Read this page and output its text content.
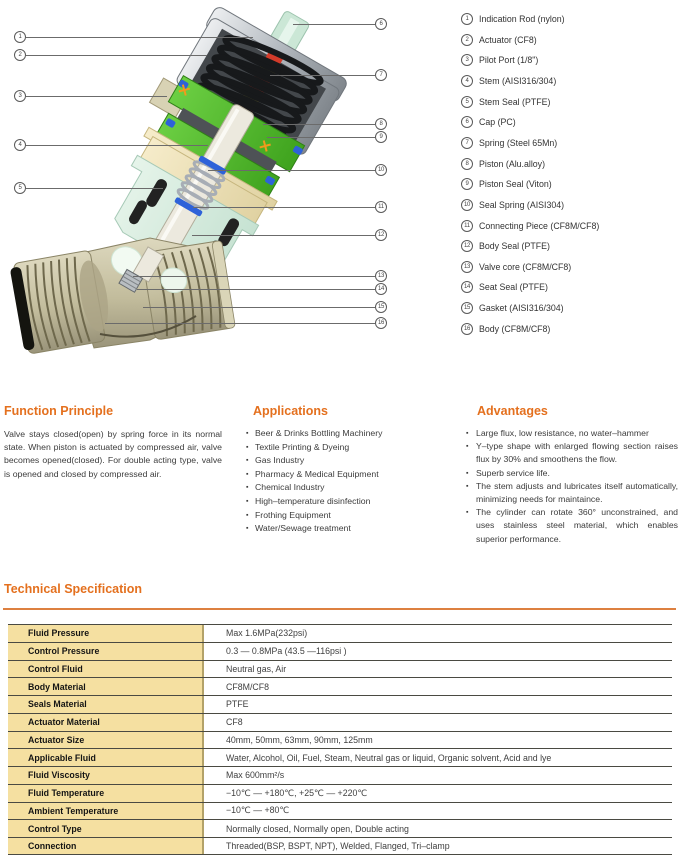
1
2
3
4
5
6
7
8
9
10
11
12
13
14
15
16
1	Indication Rod (nylon)
2	Actuator (CF8)
3	Pilot Port (1/8")
4	Stem (AISI316/304)
5	Stem Seal (PTFE)
6	Cap (PC)
7	Spring (Steel 65Mn)
8	Piston (Alu.alloy)
9	Piston Seal (Viton)
10	Seal Spring (AISI304)
11	Connecting Piece (CF8M/CF8)
12	Body Seal (PTFE)
13	Valve core (CF8M/CF8)
14	Seat Seal (PTFE)
15	Gasket (AISI316/304)
16	Body (CF8M/CF8)
Function Principle

Valve stays closed(open) by spring force in its normal state. When piston is actuated by compressed air, valve becomes opened(closed). For double acting type, valve is opened and closed by compressed air.

Applications
▪ Beer & Drinks Bottling Machinery
▪ Textile Printing & Dyeing
▪ Gas Industry
▪ Pharmacy & Medical Equipment
▪ Chemical Industry
▪ High–temperature disinfection
▪ Frothing Equipment
▪ Water/Sewage treatment
Advantages
▪ Large flux, low resistance, no water–hammer
▪ Y–type shape with enlarged flowing section raises flux by 30% and smoothens the flow.
▪ Superb service life.
▪ The stem adjusts and lubricates itself automatically, minimizing needs for maintaince.
▪ The cylinder can rotate 360° unconstrained, and uses stainless steel material, which enables superior performance.
Technical Specification
Fluid Pressure	Max 1.6MPa(232psi)
Control Pressure	0.3 — 0.8MPa (43.5 —116psi )
Control Fluid	Neutral gas, Air
Body Material	CF8M/CF8
Seals Material	PTFE
Actuator Material	CF8
Actuator Size	40mm, 50mm, 63mm, 90mm, 125mm
Applicable Fluid	Water, Alcohol, Oil, Fuel, Steam, Neutral gas or liquid, Organic solvent, Acid and lye
Fluid Viscosity	Max 600mm²/s
Fluid Temperature	−10℃ — +180℃, +25℃ — +220℃
Ambient Temperature	−10℃ — +80℃
Control Type	Normally closed, Normally open, Double acting
Connection	Threaded(BSP, BSPT, NPT), Welded, Flanged, Tri–clamp
